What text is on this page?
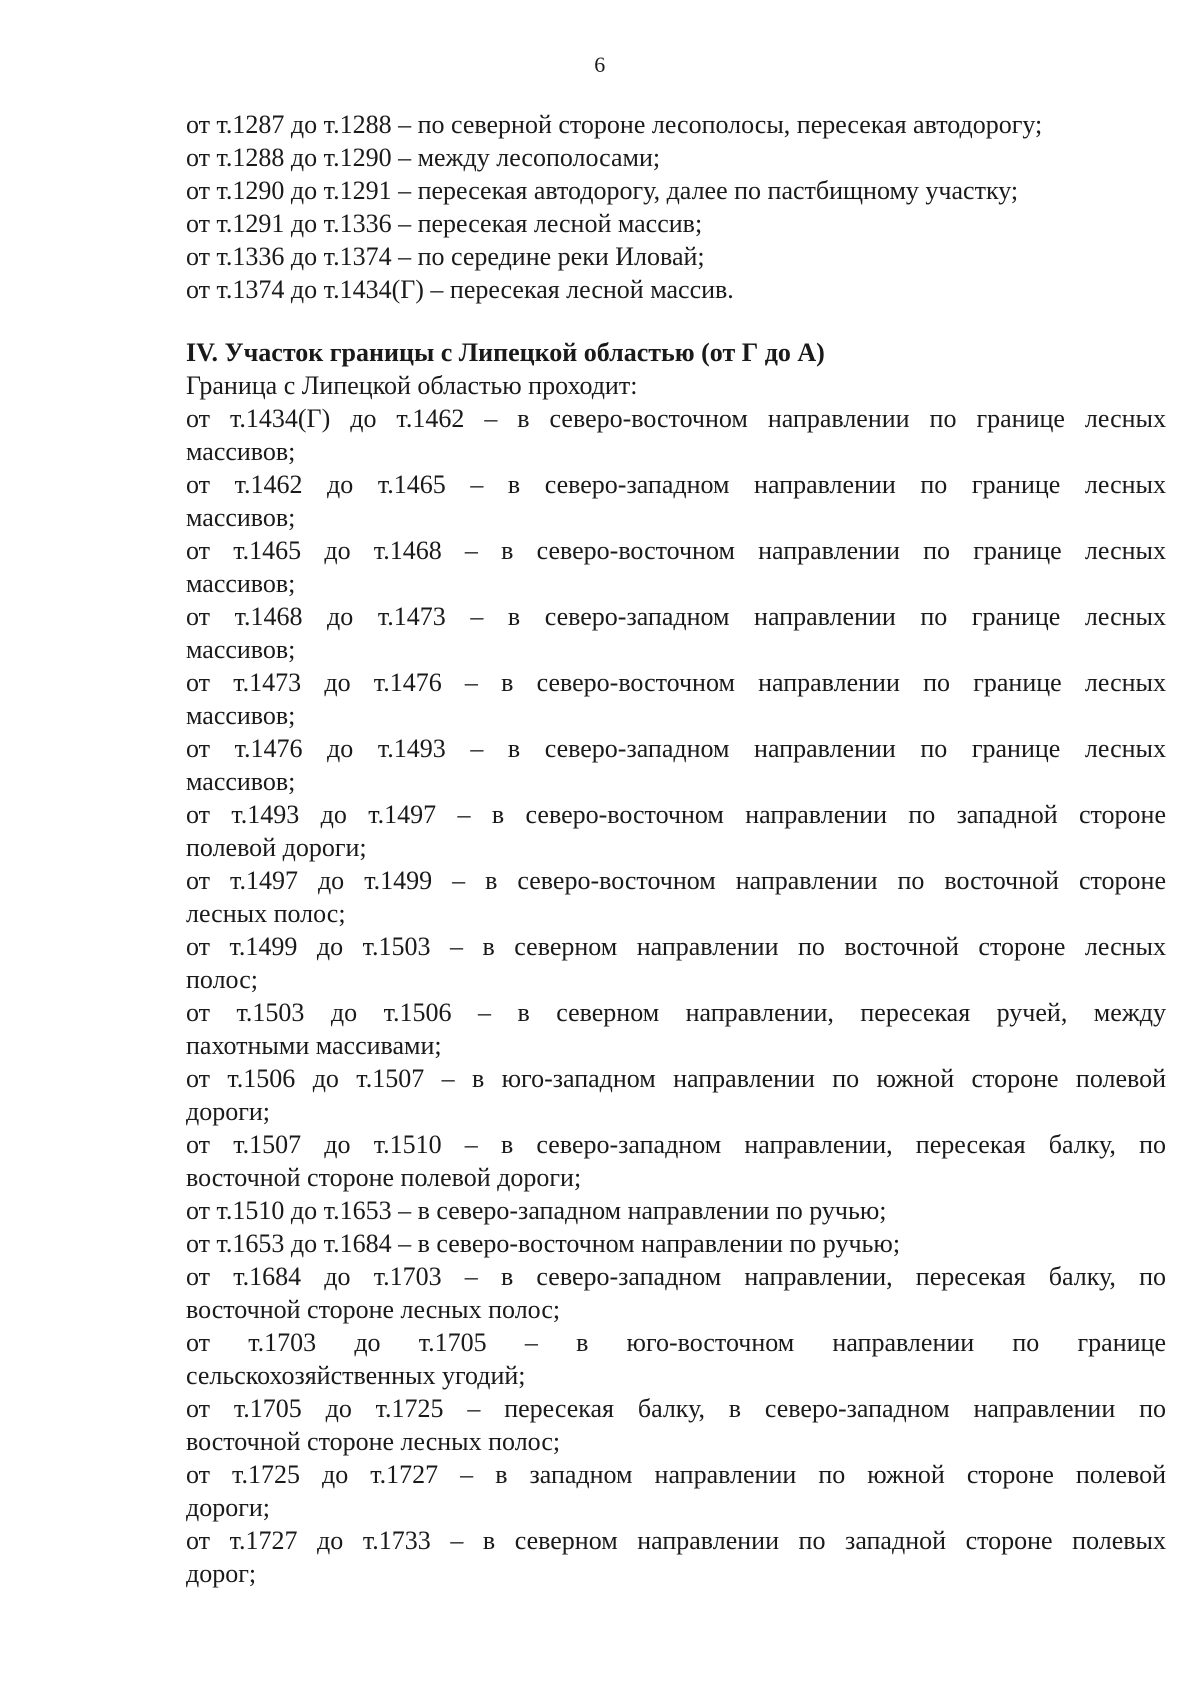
6

от т.1287 до т.1288 – по северной стороне лесополосы, пересекая автодорогу;

от т.1288 до т.1290 – между лесополосами;

от т.1290 до т.1291 – пересекая автодорогу, далее по пастбищному участку;

от т.1291 до т.1336 – пересекая лесной массив;

от т.1336 до т.1374 – по середине реки Иловай;

от т.1374 до т.1434(Г) – пересекая лесной массив.

IV. Участок границы с Липецкой областью (от Г до А)

Граница с Липецкой областью проходит:

от т.1434(Г) до т.1462 – в северо-восточном направлении по границе лесных
массивов;
от т.1462 до т.1465 – в северо-западном направлении по границе лесных
массивов;
от т.1465 до т.1468 – в северо-восточном направлении по границе лесных
массивов;
от т.1468 до т.1473 – в северо-западном направлении по границе лесных
массивов;
от т.1473 до т.1476 – в северо-восточном направлении по границе лесных
массивов;
от т.1476 до т.1493 – в северо-западном направлении по границе лесных
массивов;
от т.1493 до т.1497 – в северо-восточном направлении по западной стороне
полевой дороги;
от т.1497 до т.1499 – в северо-восточном направлении по восточной стороне
лесных полос;
от т.1499 до т.1503 – в северном направлении по восточной стороне лесных
полос;
от т.1503 до т.1506 – в северном направлении, пересекая ручей, между
пахотными массивами;
от т.1506 до т.1507 – в юго-западном направлении по южной стороне полевой
дороги;
от т.1507 до т.1510 – в северо-западном направлении, пересекая балку, по
восточной стороне полевой дороги;
от т.1510 до т.1653 – в северо-западном направлении по ручью;
от т.1653 до т.1684 – в северо-восточном направлении по ручью;
от т.1684 до т.1703 – в северо-западном направлении, пересекая балку, по
восточной стороне лесных полос;
от т.1703 до т.1705 – в юго-восточном направлении по границе
сельскохозяйственных угодий;
от т.1705 до т.1725 – пересекая балку, в северо-западном направлении по
восточной стороне лесных полос;
от т.1725 до т.1727 – в западном направлении по южной стороне полевой
дороги;
от т.1727 до т.1733 – в северном направлении по западной стороне полевых
дорог;
